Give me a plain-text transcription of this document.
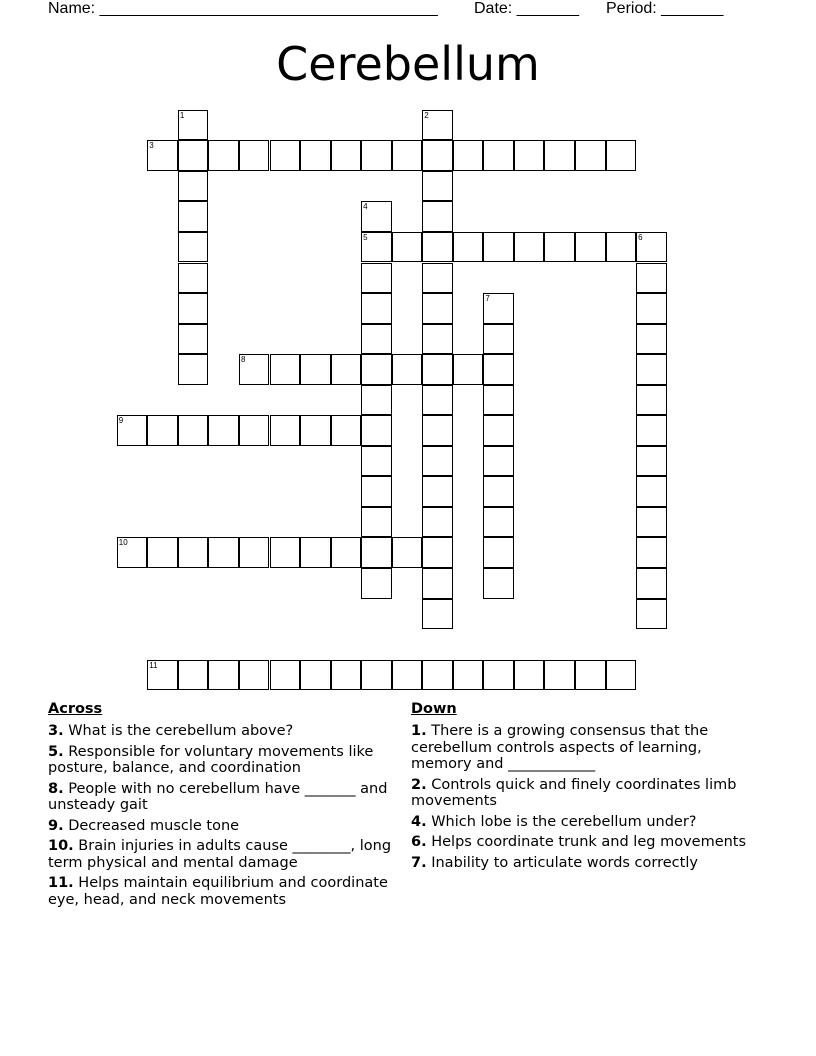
Name: ______________________________________ Date: _______ Period: _______
Cerebellum
1	2
3
4
5	6
7
8
9
10
11
Across
3. What is the cerebellum above?
5. Responsible for voluntary movements like posture, balance, and coordination
8. People with no cerebellum have _______ and unsteady gait
9. Decreased muscle tone
10. Brain injuries in adults cause ________, long term physical and mental damage
11. Helps maintain equilibrium and coordinate eye, head, and neck movements
Down
1. There is a growing consensus that the cerebellum controls aspects of learning, memory and ____________
2. Controls quick and finely coordinates limb movements
4. Which lobe is the cerebellum under?
6. Helps coordinate trunk and leg movements
7. Inability to articulate words correctly
